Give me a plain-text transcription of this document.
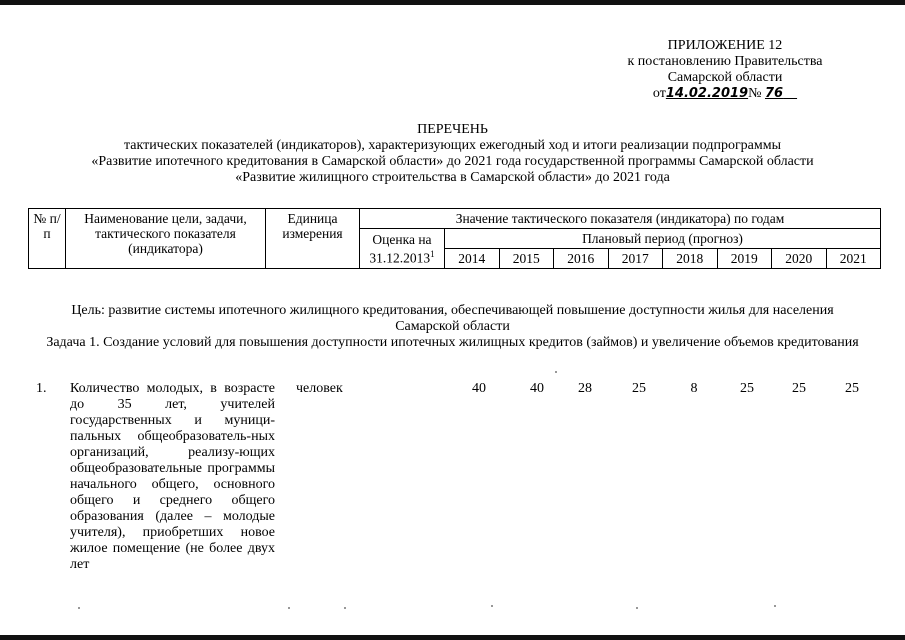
ПРИЛОЖЕНИЕ 12
к постановлению Правительства
Самарской области
от14.02.2019№ 76
ПЕРЕЧЕНЬ
тактических показателей (индикаторов), характеризующих ежегодный ход и итоги реализации подпрограммы
«Развитие ипотечного кредитования в Самарской области» до 2021 года государственной программы Самарской области
«Развитие жилищного строительства в Самарской области» до 2021 года
№ п/п	Наименование цели, задачи, тактического показателя (индикатора)	Единица измерения	Значение тактического показателя (индикатора) по годам								
			Оценка на 31.12.2013$^1$	Плановый период (прогноз)							
				2014	2015	2016	2017	2018	2019	2020	2021
Цель: развитие системы ипотечного жилищного кредитования, обеспечивающей повышение доступности жилья для населения Самарской области
Задача 1. Создание условий для повышения доступности ипотечных жилищных кредитов (займов) и увеличение объемов кредитования
1. Количество молодых, в возрасте до 35 лет, учителей государственных и муници-пальных общеобразователь-ных организаций, реализу-ющих общеобразовательные программы начального общего, основного общего и среднего общего образования (далее – молодые учителя), приобретших новое жилое помещение (не более двух лет
человек	40	40	28	25	8	25	25	25
